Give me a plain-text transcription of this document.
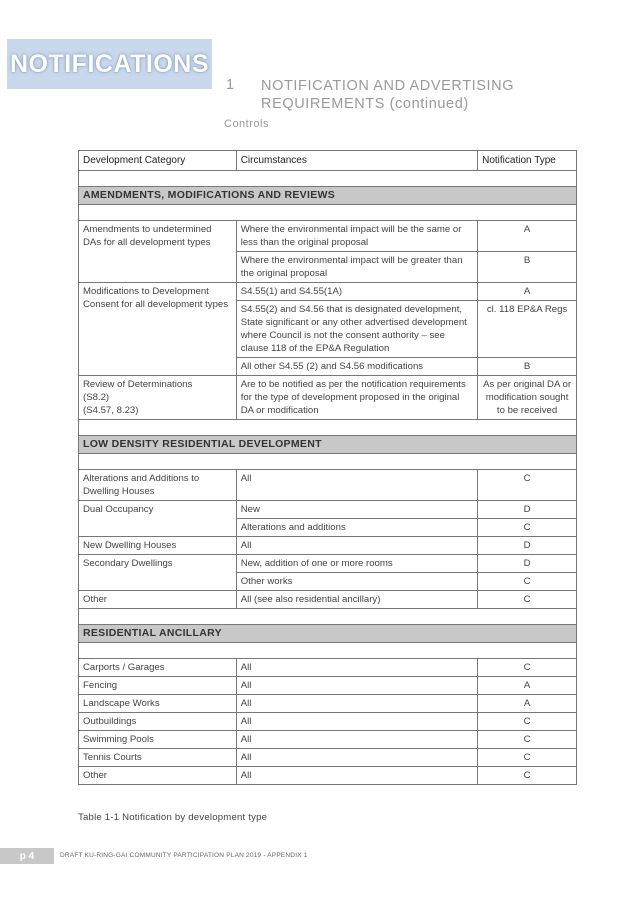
NOTIFICATIONS
1 NOTIFICATION AND ADVERTISING
REQUIREMENTS (continued)
Controls
Development Category	Circumstances	Notification Type

AMENDMENTS, MODIFICATIONS AND REVIEWS		

Amendments to undetermined DAs for all development types	Where the environmental impact will be the same or less than the original proposal	A
	Where the environmental impact will be greater than the original proposal	B
Modifications to Development Consent for all development types	S4.55(1) and S4.55(1A)	A
	S4.55(2) and S4.56 that is designated development, State significant or any other advertised development where Council is not the consent authority – see clause 118 of the EP&A Regulation	cl. 118 EP&A Regs
	All other S4.55 (2) and S4.56 modifications	B

Review of Determinations
(S8.2)
(S4.57, 8.23)	Are to be notified as per the notification requirements for the type of development proposed in the original DA or modification	As per original DA or modification sought to be received

LOW DENSITY RESIDENTIAL DEVELOPMENT		

Alterations and Additions to Dwelling Houses	All	C
Dual Occupancy	New	D
	Alterations and additions	C
New Dwelling Houses	All	D
Secondary Dwellings	New, addition of one or more rooms	D
	Other works	C
Other	All (see also residential ancillary)	C

RESIDENTIAL ANCILLARY		

Carports / Garages	All	C
Fencing	All	A
Landscape Works	All	A
Outbuildings	All	C
Swimming Pools	All	C
Tennis Courts	All	C
Other	All	C
Table 1-1 Notification by development type
p 4	DRAFT KU-RING-GAI COMMUNITY PARTICIPATION PLAN 2019 - APPENDIX 1
